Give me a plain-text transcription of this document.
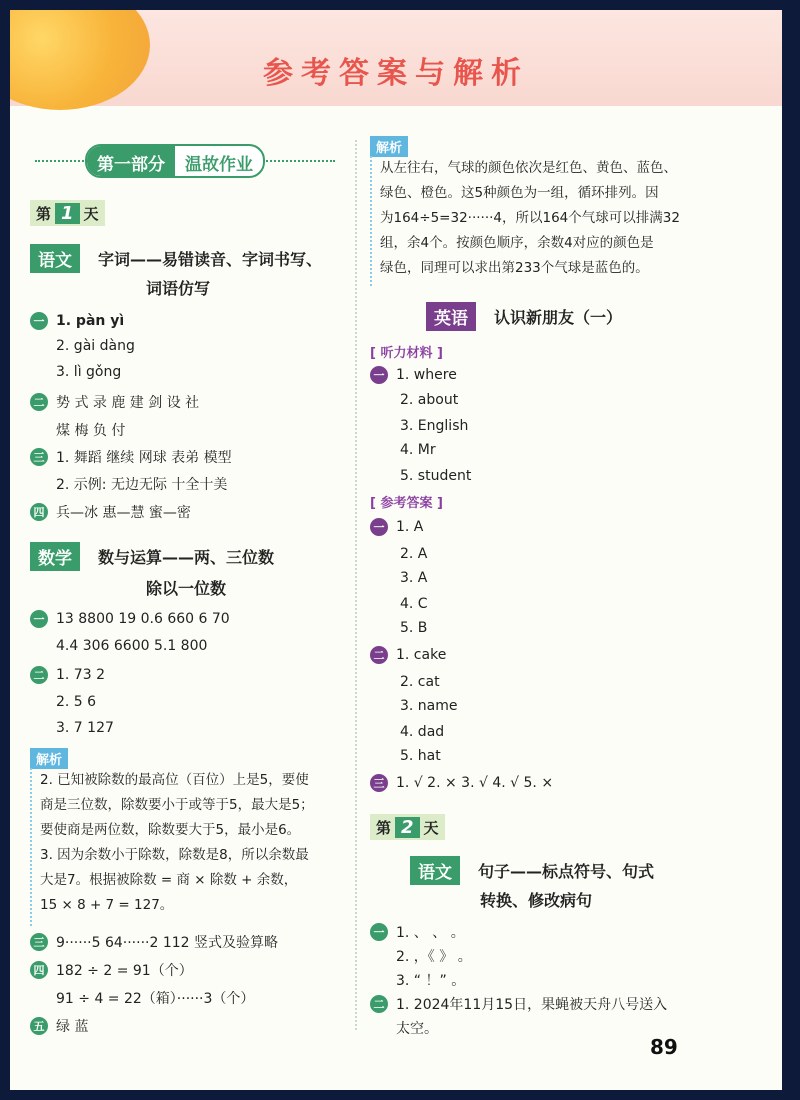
参考答案与解析
第一部分	温故作业
第 1 天
语文	字词——易错读音、字词书写、
词语仿写
一 1. pàn yì
2. gài dàng
3. lì gǒng
二 势 式 录 鹿 建 剑 设 社
煤 梅 负 付
三 1. 舞蹈 继续 网球 表弟 模型
2. 示例: 无边无际 十全十美
四 兵—冰 惠—慧 蜜—密
数学	数与运算——两、三位数
除以一位数
一 13 8800 19 0.6 660 6 70
4.4 306 6600 5.1 800
二 1. 73 2
2. 5 6
3. 7 127
解析
2. 已知被除数的最高位（百位）上是5，要使
商是三位数，除数要小于或等于5，最大是5；
要使商是两位数，除数要大于5，最小是6。
3. 因为余数小于除数，除数是8，所以余数最
大是7。根据被除数 = 商 × 除数 + 余数，
15 × 8 + 7 = 127。
三 9······5 64······2 112 竖式及验算略
四 182 ÷ 2 = 91（个）
91 ÷ 4 = 22（箱）······3（个）
五 绿 蓝
解析
从左往右，气球的颜色依次是红色、黄色、蓝色、
绿色、橙色。这5种颜色为一组，循环排列。因
为164÷5=32······4，所以164个气球可以排满32
组，余4个。按颜色顺序，余数4对应的颜色是
绿色，同理可以求出第233个气球是蓝色的。
英语	认识新朋友（一）
[ 听力材料 ]
一 1. where
2. about
3. English
4. Mr
5. student
[ 参考答案 ]
一 1. A
2. A
3. A
4. C
5. B
二 1. cake
2. cat
3. name
4. dad
5. hat
三 1. √ 2. × 3. √ 4. √ 5. ×
第 2 天
语文	句子——标点符号、句式
转换、修改病句
一 1. 、 、 。
2. ，《 》 。
3. “ ！” 。
二 1. 2024年11月15日，果蝇被天舟八号送入
太空。
89
